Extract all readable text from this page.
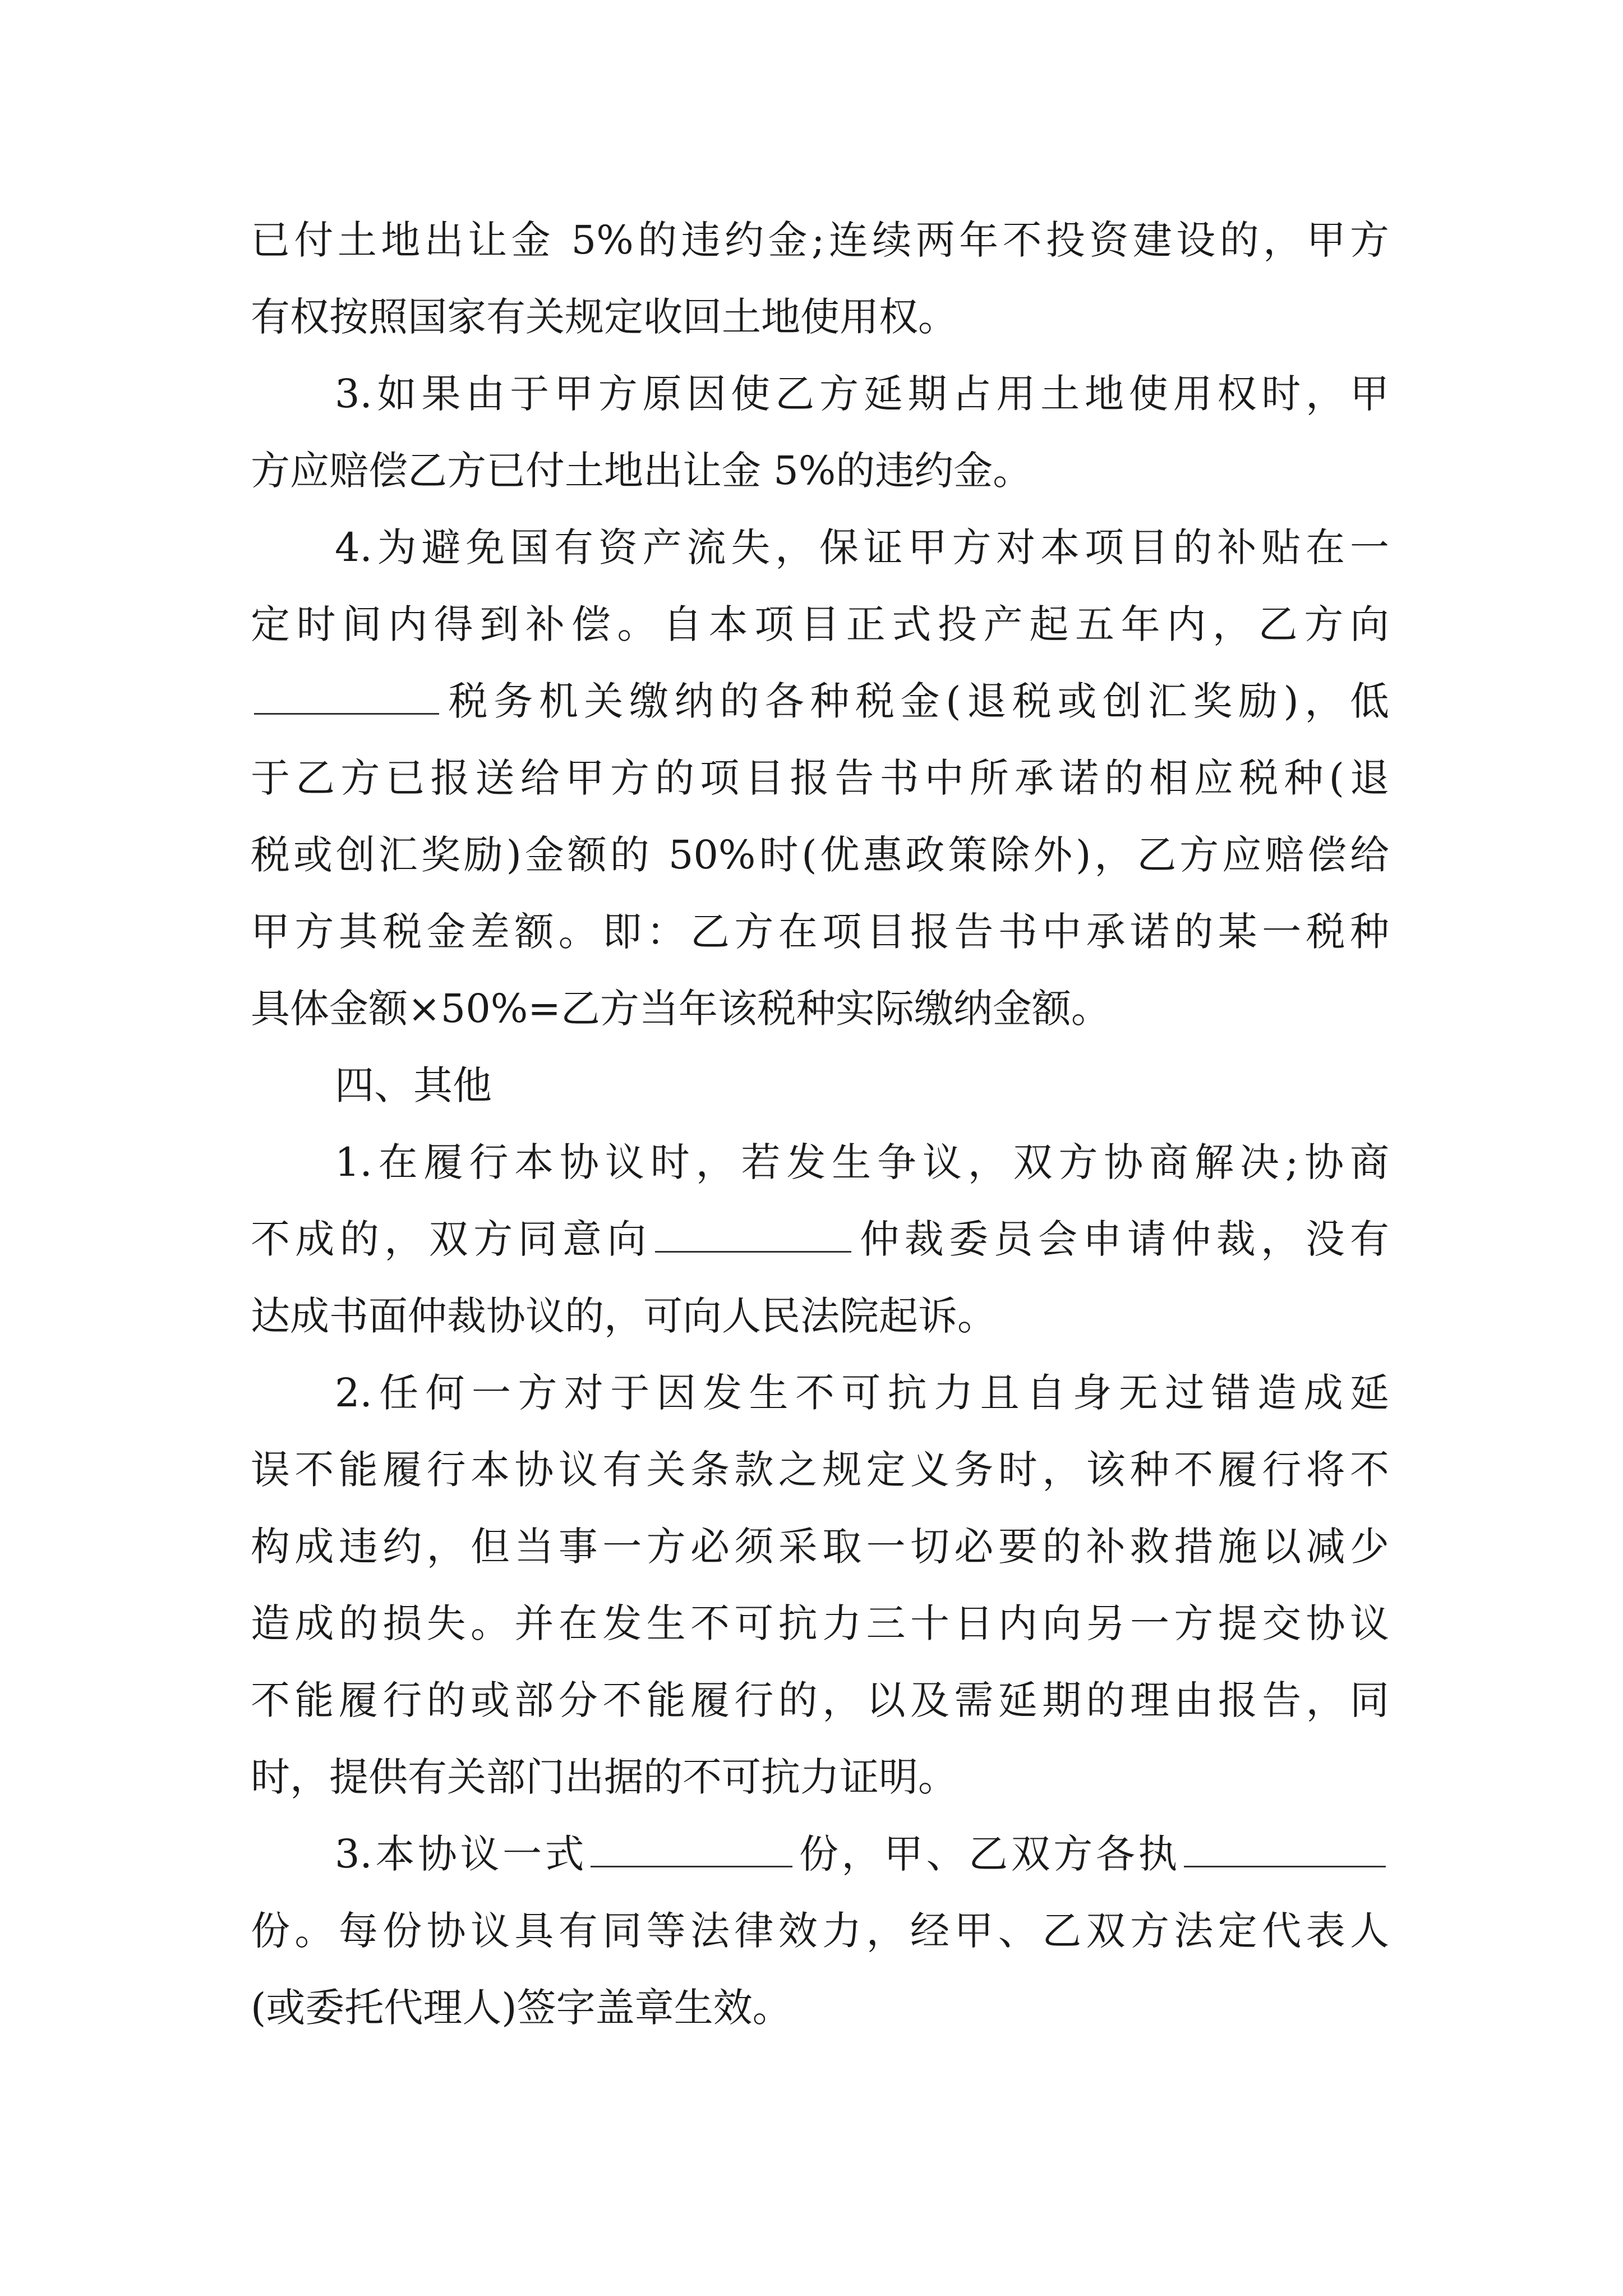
已付土地出让金 5%的违约金;连续两年不投资建设的，甲方
有权按照国家有关规定收回土地使用权。
3.如果由于甲方原因使乙方延期占用土地使用权时，甲
方应赔偿乙方已付土地出让金 5%的违约金。
4.为避免国有资产流失，保证甲方对本项目的补贴在一
定时间内得到补偿。自本项目正式投产起五年内，乙方向
税务机关缴纳的各种税金(退税或创汇奖励)，低
于乙方已报送给甲方的项目报告书中所承诺的相应税种(退
税或创汇奖励)金额的 50%时(优惠政策除外)，乙方应赔偿给
甲方其税金差额。即：乙方在项目报告书中承诺的某一税种
具体金额×50%=乙方当年该税种实际缴纳金额。
四、其他
1.在履行本协议时，若发生争议，双方协商解决;协商
不成的，双方同意向	仲裁委员会申请仲裁，没有
达成书面仲裁协议的，可向人民法院起诉。
2.任何一方对于因发生不可抗力且自身无过错造成延
误不能履行本协议有关条款之规定义务时，该种不履行将不
构成违约，但当事一方必须采取一切必要的补救措施以减少
造成的损失。并在发生不可抗力三十日内向另一方提交协议
不能履行的或部分不能履行的，以及需延期的理由报告，同
时，提供有关部门出据的不可抗力证明。
3.本协议一式	份，甲、乙双方各执
份。每份协议具有同等法律效力，经甲、乙双方法定代表人
(或委托代理人)签字盖章生效。
